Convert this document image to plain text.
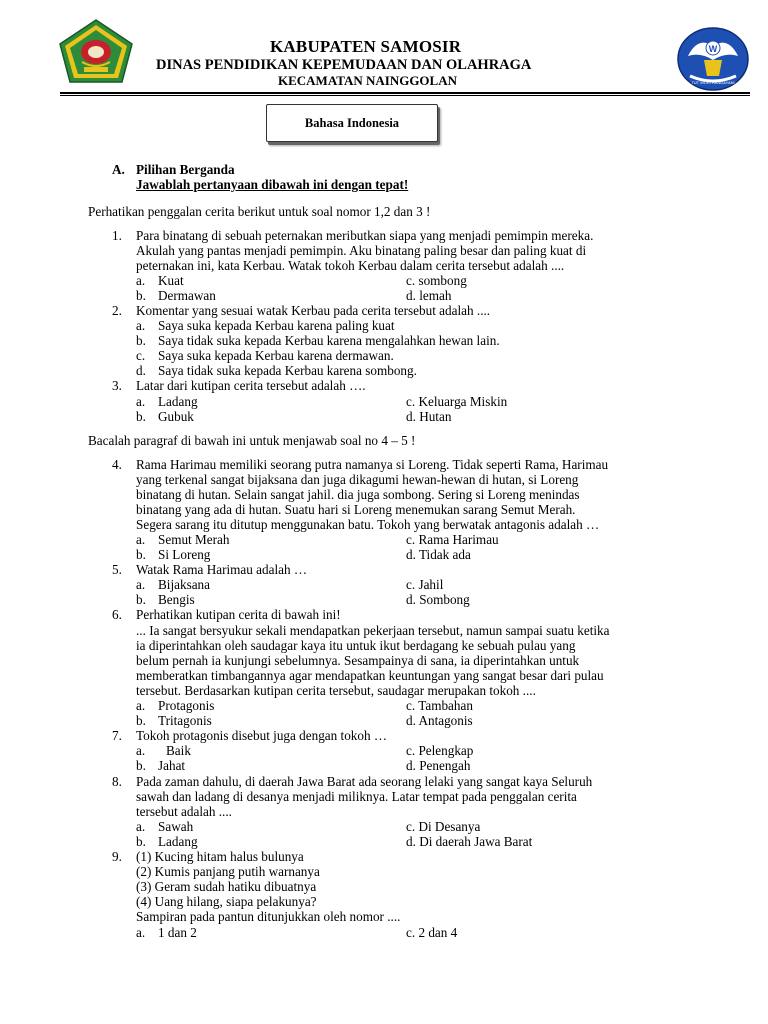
W
TUT WURI HANDAYANI
KABUPATEN SAMOSIR
DINAS PENDIDIKAN KEPEMUDAAN DAN OLAHRAGA
KECAMATAN NAINGGOLAN
Bahasa Indonesia
A. Pilihan Berganda
Jawablah pertanyaan dibawah ini dengan tepat!
Perhatikan penggalan cerita berikut untuk soal nomor 1,2 dan 3 !
1. Para binatang di sebuah peternakan meributkan siapa yang menjadi pemimpin mereka.
Akulah yang pantas menjadi pemimpin. Aku binatang paling besar dan paling kuat di
peternakan ini, kata Kerbau. Watak tokoh Kerbau dalam cerita tersebut adalah ....
a. Kuat	c. sombong
b. Dermawan	d. lemah
2. Komentar yang sesuai watak Kerbau pada cerita tersebut adalah ....
a. Saya suka kepada Kerbau karena paling kuat
b. Saya tidak suka kepada Kerbau karena mengalahkan hewan lain.
c. Saya suka kepada Kerbau karena dermawan.
d. Saya tidak suka kepada Kerbau karena sombong.
3. Latar dari kutipan cerita tersebut adalah ….
a. Ladang	c. Keluarga Miskin
b. Gubuk	d. Hutan
Bacalah paragraf di bawah ini untuk menjawab soal no 4 – 5 !
4. Rama Harimau memiliki seorang putra namanya si Loreng. Tidak seperti Rama, Harimau
yang terkenal sangat bijaksana dan juga dikagumi hewan-hewan di hutan, si Loreng
binatang di hutan. Selain sangat jahil. dia juga sombong. Sering si Loreng menindas
binatang yang ada di hutan. Suatu hari si Loreng menemukan sarang Semut Merah.
Segera sarang itu ditutup menggunakan batu. Tokoh yang berwatak antagonis adalah …
a. Semut Merah	c. Rama Harimau
b. Si Loreng	d. Tidak ada
5. Watak Rama Harimau adalah …
a. Bijaksana	c. Jahil
b. Bengis	d. Sombong
6. Perhatikan kutipan cerita di bawah ini!
... Ia sangat bersyukur sekali mendapatkan pekerjaan tersebut, namun sampai suatu ketika
ia diperintahkan oleh saudagar kaya itu untuk ikut berdagang ke sebuah pulau yang
belum pernah ia kunjungi sebelumnya. Sesampainya di sana, ia diperintahkan untuk
memberatkan timbangannya agar mendapatkan keuntungan yang sangat besar dari pulau
tersebut. Berdasarkan kutipan cerita tersebut, saudagar merupakan tokoh ....
a. Protagonis	c. Tambahan
b. Tritagonis	d. Antagonis
7. Tokoh protagonis disebut juga dengan tokoh …
a. Baik	c. Pelengkap
b. Jahat	d. Penengah
8. Pada zaman dahulu, di daerah Jawa Barat ada seorang lelaki yang sangat kaya Seluruh
sawah dan ladang di desanya menjadi miliknya. Latar tempat pada penggalan cerita
tersebut adalah ....
a. Sawah	c. Di Desanya
b. Ladang	d. Di daerah Jawa Barat
9. (1) Kucing hitam halus bulunya
(2) Kumis panjang putih warnanya
(3) Geram sudah hatiku dibuatnya
(4) Uang hilang, siapa pelakunya?
Sampiran pada pantun ditunjukkan oleh nomor ....
a. 1 dan 2	c. 2 dan 4
